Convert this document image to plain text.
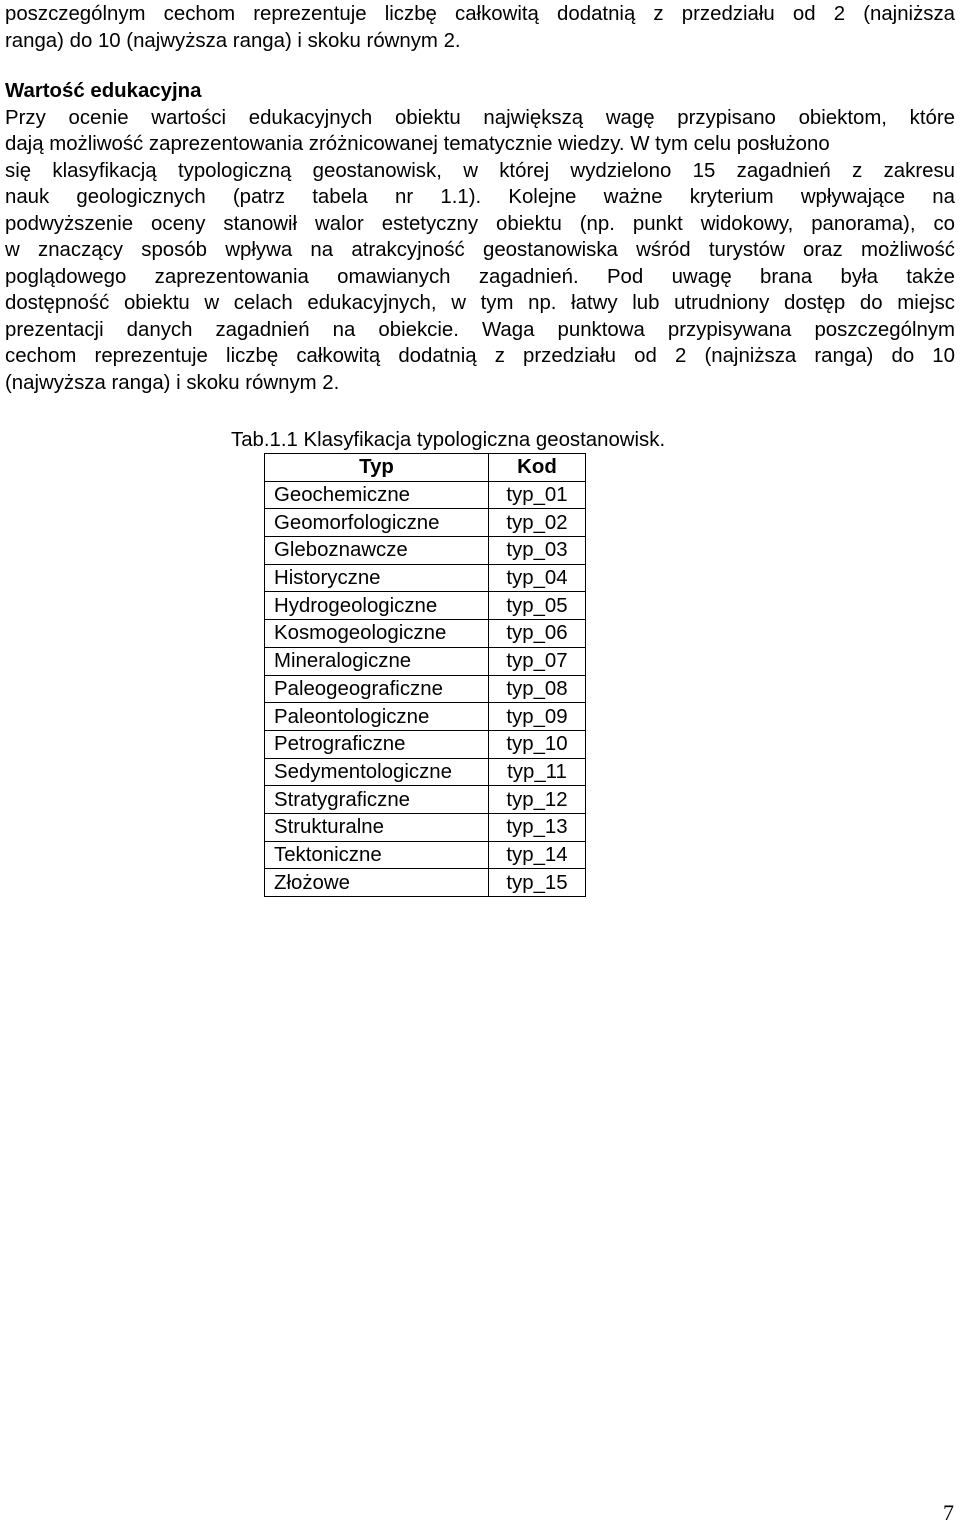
poszczególnym cechom reprezentuje liczbę całkowitą dodatnią z przedziału od 2 (najniższa

ranga) do 10 (najwyższa ranga) i skoku równym 2.

Wartość edukacyjna

Przy ocenie wartości edukacyjnych obiektu największą wagę przypisano obiektom, które

dają możliwość zaprezentowania zróżnicowanej tematycznie wiedzy. W tym celu posłużono

się klasyfikacją typologiczną geostanowisk, w której wydzielono 15 zagadnień z zakresu

nauk geologicznych (patrz tabela nr 1.1). Kolejne ważne kryterium wpływające na

podwyższenie oceny stanowił walor estetyczny obiektu (np. punkt widokowy, panorama), co

w znaczący sposób wpływa na atrakcyjność geostanowiska wśród turystów oraz możliwość

poglądowego zaprezentowania omawianych zagadnień. Pod uwagę brana była także

dostępność obiektu w celach edukacyjnych, w tym np. łatwy lub utrudniony dostęp do miejsc

prezentacji danych zagadnień na obiekcie. Waga punktowa przypisywana poszczególnym

cechom reprezentuje liczbę całkowitą dodatnią z przedziału od 2 (najniższa ranga) do 10

(najwyższa ranga) i skoku równym 2.

Tab.1.1 Klasyfikacja typologiczna geostanowisk.
Typ	Kod
Geochemiczne	typ_01
Geomorfologiczne	typ_02
Gleboznawcze	typ_03
Historyczne	typ_04
Hydrogeologiczne	typ_05
Kosmogeologiczne	typ_06
Mineralogiczne	typ_07
Paleogeograficzne	typ_08
Paleontologiczne	typ_09
Petrograficzne	typ_10
Sedymentologiczne	typ_11
Stratygraficzne	typ_12
Strukturalne	typ_13
Tektoniczne	typ_14
Złożowe	typ_15
7
